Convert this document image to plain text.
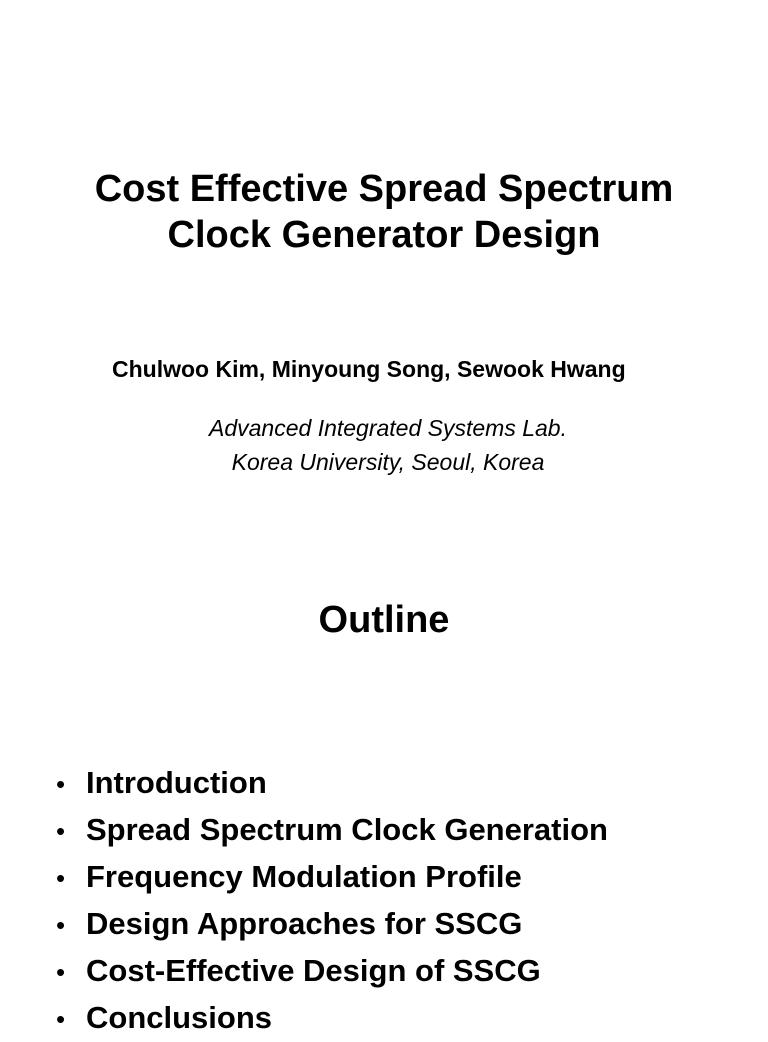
Cost Effective Spread Spectrum
Clock Generator Design
Chulwoo Kim, Minyoung Song, Sewook Hwang
Advanced Integrated Systems Lab.
Korea University, Seoul, Korea
Outline
• Introduction
• Spread Spectrum Clock Generation
• Frequency Modulation Profile
• Design Approaches for SSCG
• Cost-Effective Design of SSCG
• Conclusions
